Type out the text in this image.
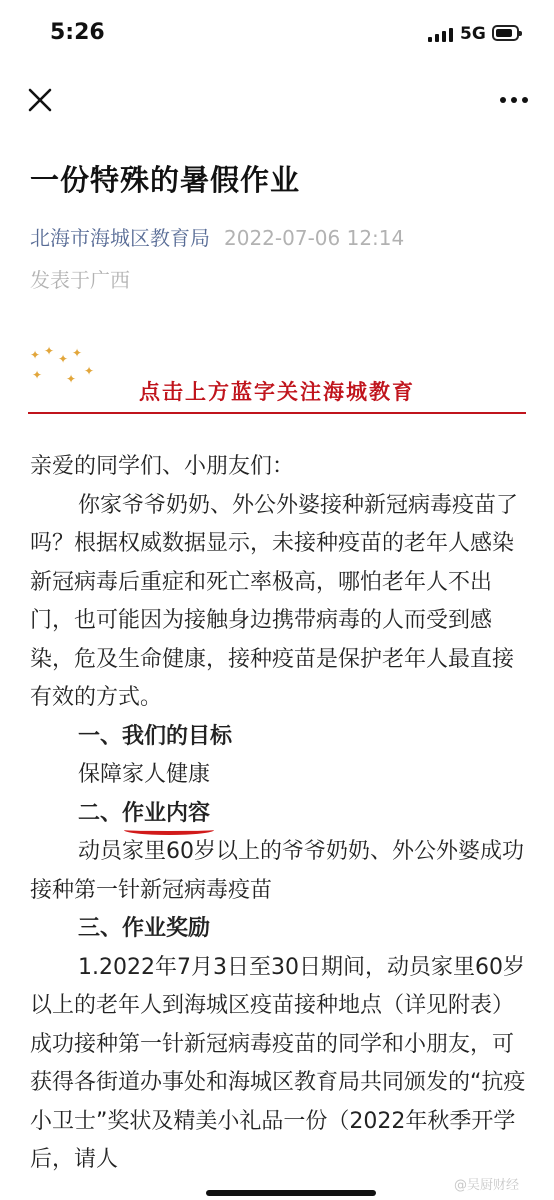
5:26	5G
一份特殊的暑假作业
北海市海城区教育局 2022-07-06 12:14
发表于广西
✦ ✦
✦ ✦
✦ ✦
✦
点击上方蓝字关注海城教育

亲爱的同学们、小朋友们：

你家爷爷奶奶、外公外婆接种新冠病毒疫苗了吗？根据权威数据显示，未接种疫苗的老年人感染新冠病毒后重症和死亡率极高，哪怕老年人不出门，也可能因为接触身边携带病毒的人而受到感染，危及生命健康，接种疫苗是保护老年人最直接有效的方式。

一、我们的目标

保障家人健康

二、作业内容

动员家里60岁以上的爷爷奶奶、外公外婆成功接种第一针新冠病毒疫苗

三、作业奖励

1.2022年7月3日至30日期间，动员家里60岁以上的老年人到海城区疫苗接种地点（详见附表）成功接种第一针新冠病毒疫苗的同学和小朋友，可获得各街道办事处和海城区教育局共同颁发的“抗疫小卫士”奖状及精美小礼品一份（2022年秋季开学后，请人

@吴厨财经
